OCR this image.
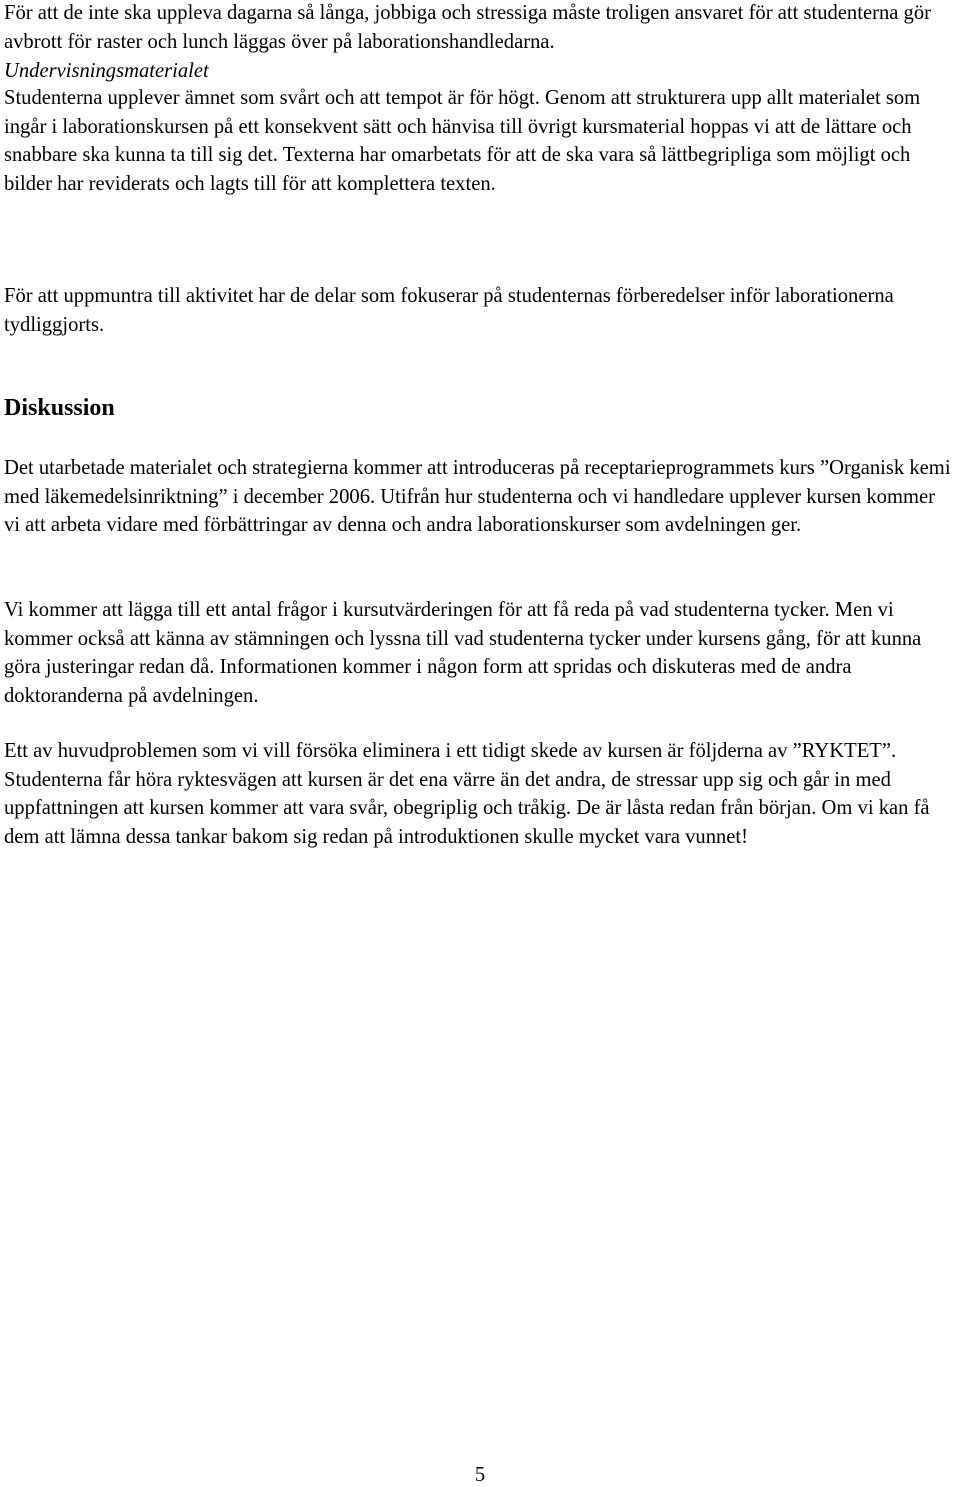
För att de inte ska uppleva dagarna så långa, jobbiga och stressiga måste troligen ansvaret för att studenterna gör avbrott för raster och lunch läggas över på laborationshandledarna.

Undervisningsmaterialet

Studenterna upplever ämnet som svårt och att tempot är för högt. Genom att strukturera upp allt materialet som ingår i laborationskursen på ett konsekvent sätt och hänvisa till övrigt kursmaterial hoppas vi att de lättare och snabbare ska kunna ta till sig det. Texterna har omarbetats för att de ska vara så lättbegripliga som möjligt och bilder har reviderats och lagts till för att komplettera texten.

För att uppmuntra till aktivitet har de delar som fokuserar på studenternas förberedelser inför laborationerna tydliggjorts.

Diskussion

Det utarbetade materialet och strategierna kommer att introduceras på receptarieprogrammets kurs ”Organisk kemi med läkemedelsinriktning” i december 2006. Utifrån hur studenterna och vi handledare upplever kursen kommer vi att arbeta vidare med förbättringar av denna och andra laborationskurser som avdelningen ger.

Vi kommer att lägga till ett antal frågor i kursutvärderingen för att få reda på vad studenterna tycker. Men vi kommer också att känna av stämningen och lyssna till vad studenterna tycker under kursens gång, för att kunna göra justeringar redan då. Informationen kommer i någon form att spridas och diskuteras med de andra doktoranderna på avdelningen.

Ett av huvudproblemen som vi vill försöka eliminera i ett tidigt skede av kursen är följderna av ”RYKTET”. Studenterna får höra ryktesvägen att kursen är det ena värre än det andra, de stressar upp sig och går in med uppfattningen att kursen kommer att vara svår, obegriplig och tråkig. De är låsta redan från början. Om vi kan få dem att lämna dessa tankar bakom sig redan på introduktionen skulle mycket vara vunnet!

5
